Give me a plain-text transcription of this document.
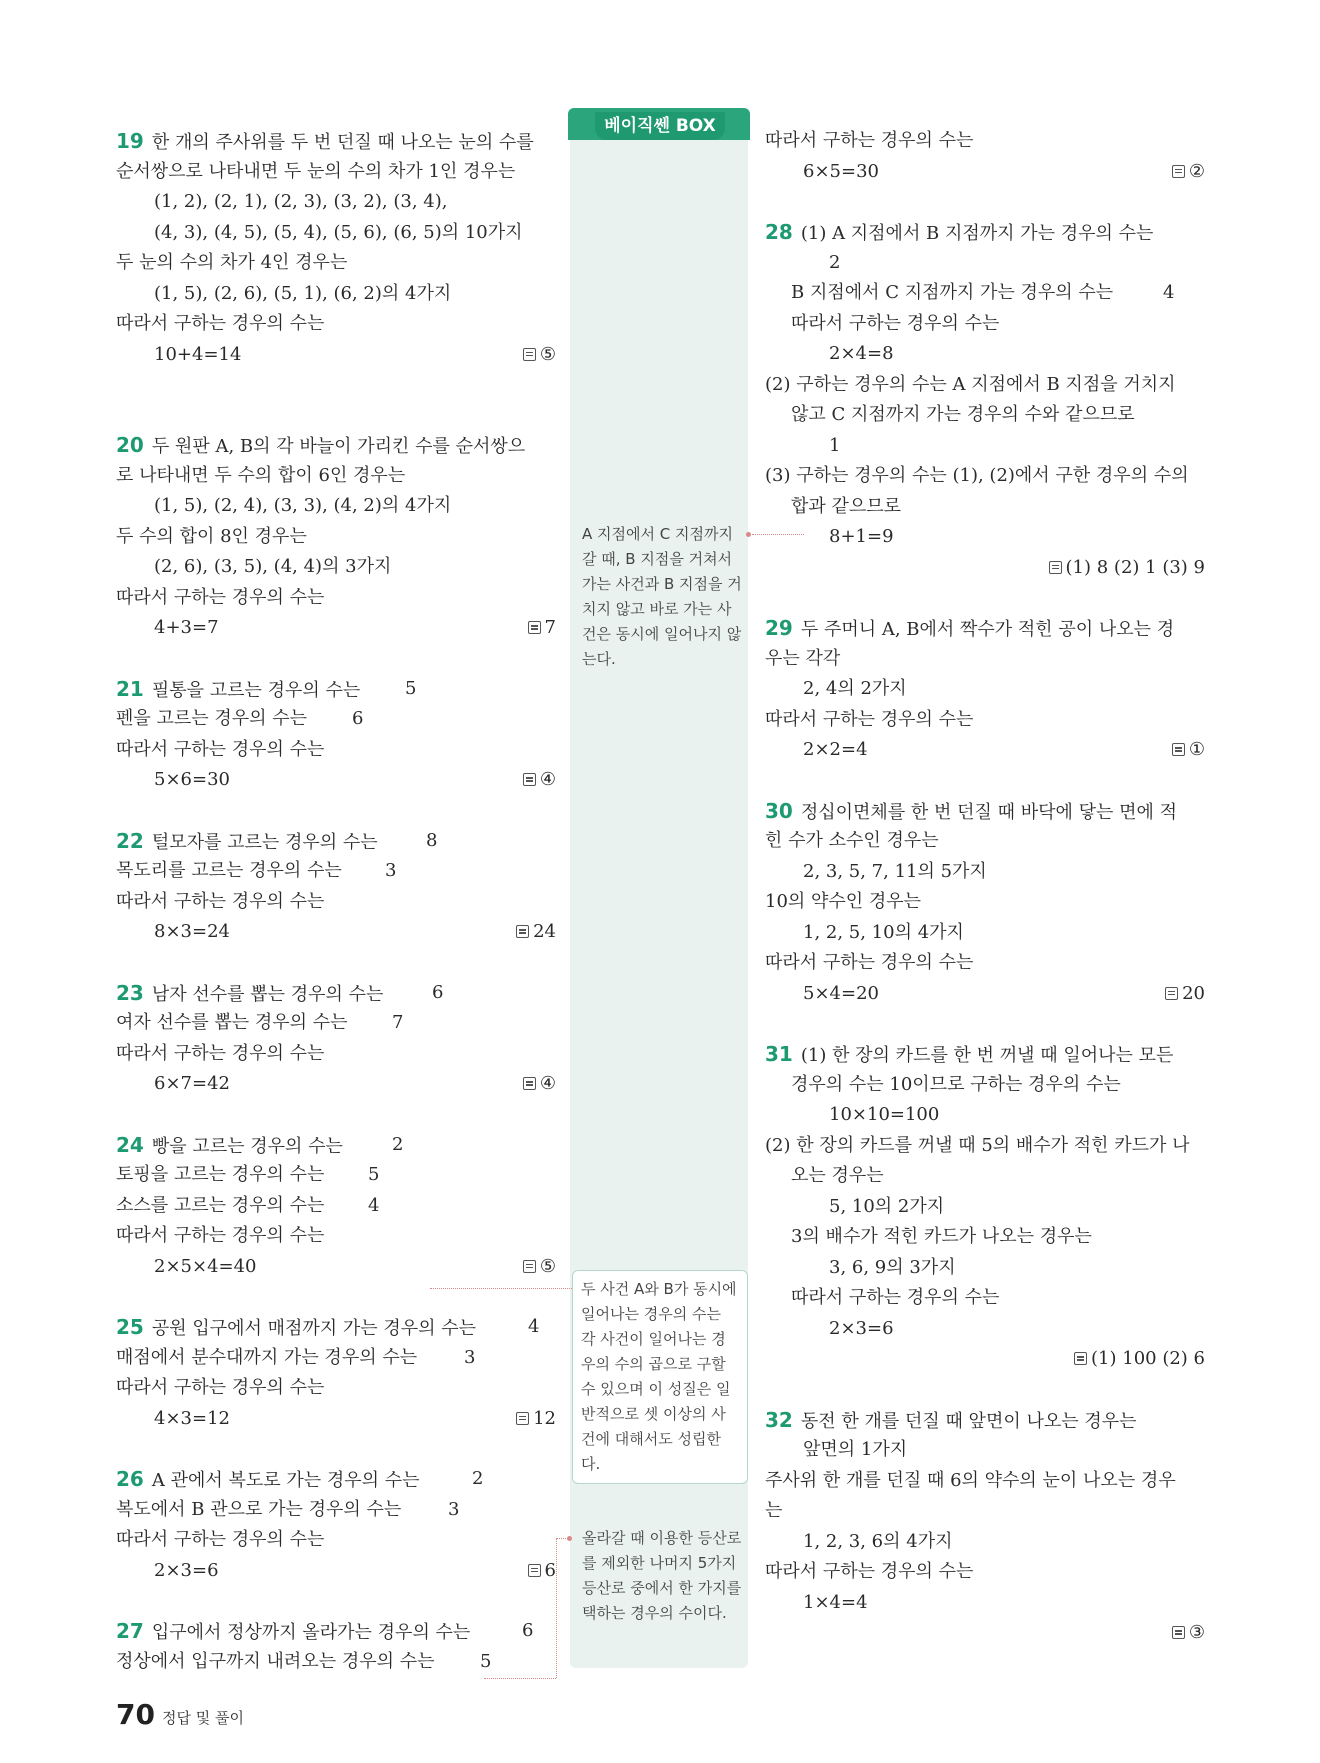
19 한 개의 주사위를 두 번 던질 때 나오는 눈의 수를
순서쌍으로 나타내면 두 눈의 수의 차가 1인 경우는
(1, 2), (2, 1), (2, 3), (3, 2), (3, 4),
(4, 3), (4, 5), (5, 4), (5, 6), (6, 5)의 10가지
두 눈의 수의 차가 4인 경우는
(1, 5), (2, 6), (5, 1), (6, 2)의 4가지
따라서 구하는 경우의 수는
10+4=14	⑤
20 두 원판 A, B의 각 바늘이 가리킨 수를 순서쌍으
로 나타내면 두 수의 합이 6인 경우는
(1, 5), (2, 4), (3, 3), (4, 2)의 4가지
두 수의 합이 8인 경우는
(2, 6), (3, 5), (4, 4)의 3가지
따라서 구하는 경우의 수는
4+3=7	7
21 필통을 고르는 경우의 수는 5
펜을 고르는 경우의 수는 6
따라서 구하는 경우의 수는
5×6=30	④
22 털모자를 고르는 경우의 수는	8
목도리를 고르는 경우의 수는 3
따라서 구하는 경우의 수는
8×3=24	24
23 남자 선수를 뽑는 경우의 수는	6
여자 선수를 뽑는 경우의 수는 7
따라서 구하는 경우의 수는
6×7=42	④
24 빵을 고르는 경우의 수는	2
토핑을 고르는 경우의 수는 5
소스를 고르는 경우의 수는 4
따라서 구하는 경우의 수는
2×5×4=40	⑤
25 공원 입구에서 매점까지 가는 경우의 수는	4
매점에서 분수대까지 가는 경우의 수는	3
따라서 구하는 경우의 수는
4×3=12	12
26 A 관에서 복도로 가는 경우의 수는	2
복도에서 B 관으로 가는 경우의 수는	3
따라서 구하는 경우의 수는
2×3=6	6
27 입구에서 정상까지 올라가는 경우의 수는	6
정상에서 입구까지 내려오는 경우의 수는	5
따라서 구하는 경우의 수는
6×5=30	②
28 (1) A 지점에서 B 지점까지 가는 경우의 수는
2
B 지점에서 C 지점까지 가는 경우의 수는	4
따라서 구하는 경우의 수는
2×4=8
(2) 구하는 경우의 수는 A 지점에서 B 지점을 거치지
않고 C 지점까지 가는 경우의 수와 같으므로
1
(3) 구하는 경우의 수는 (1), (2)에서 구한 경우의 수의
합과 같으므로
8+1=9
(1) 8 (2) 1 (3) 9
29 두 주머니 A, B에서 짝수가 적힌 공이 나오는 경
우는 각각
2, 4의 2가지
따라서 구하는 경우의 수는
2×2=4	①
30 정십이면체를 한 번 던질 때 바닥에 닿는 면에 적
힌 수가 소수인 경우는
2, 3, 5, 7, 11의 5가지
10의 약수인 경우는
1, 2, 5, 10의 4가지
따라서 구하는 경우의 수는
5×4=20	20
31 (1) 한 장의 카드를 한 번 꺼낼 때 일어나는 모든
경우의 수는 10이므로 구하는 경우의 수는
10×10=100
(2) 한 장의 카드를 꺼낼 때 5의 배수가 적힌 카드가 나
오는 경우는
5, 10의 2가지
3의 배수가 적힌 카드가 나오는 경우는
3, 6, 9의 3가지
따라서 구하는 경우의 수는
2×3=6
(1) 100 (2) 6
32 동전 한 개를 던질 때 앞면이 나오는 경우는
앞면의 1가지
주사위 한 개를 던질 때 6의 약수의 눈이 나오는 경우
는
1, 2, 3, 6의 4가지
따라서 구하는 경우의 수는
1×4=4
③
베이직쎈 BOX
A 지점에서 C 지점까지 갈 때, B 지점을 거쳐서 가는 사건과 B 지점을 거치지 않고 바로 가는 사건은 동시에 일어나지 않는다.
두 사건 A와 B가 동시에 일어나는 경우의 수는 각 사건이 일어나는 경우의 수의 곱으로 구할 수 있으며 이 성질은 일반적으로 셋 이상의 사건에 대해서도 성립한다.
올라갈 때 이용한 등산로를 제외한 나머지 5가지 등산로 중에서 한 가지를 택하는 경우의 수이다.
70 정답 및 풀이
